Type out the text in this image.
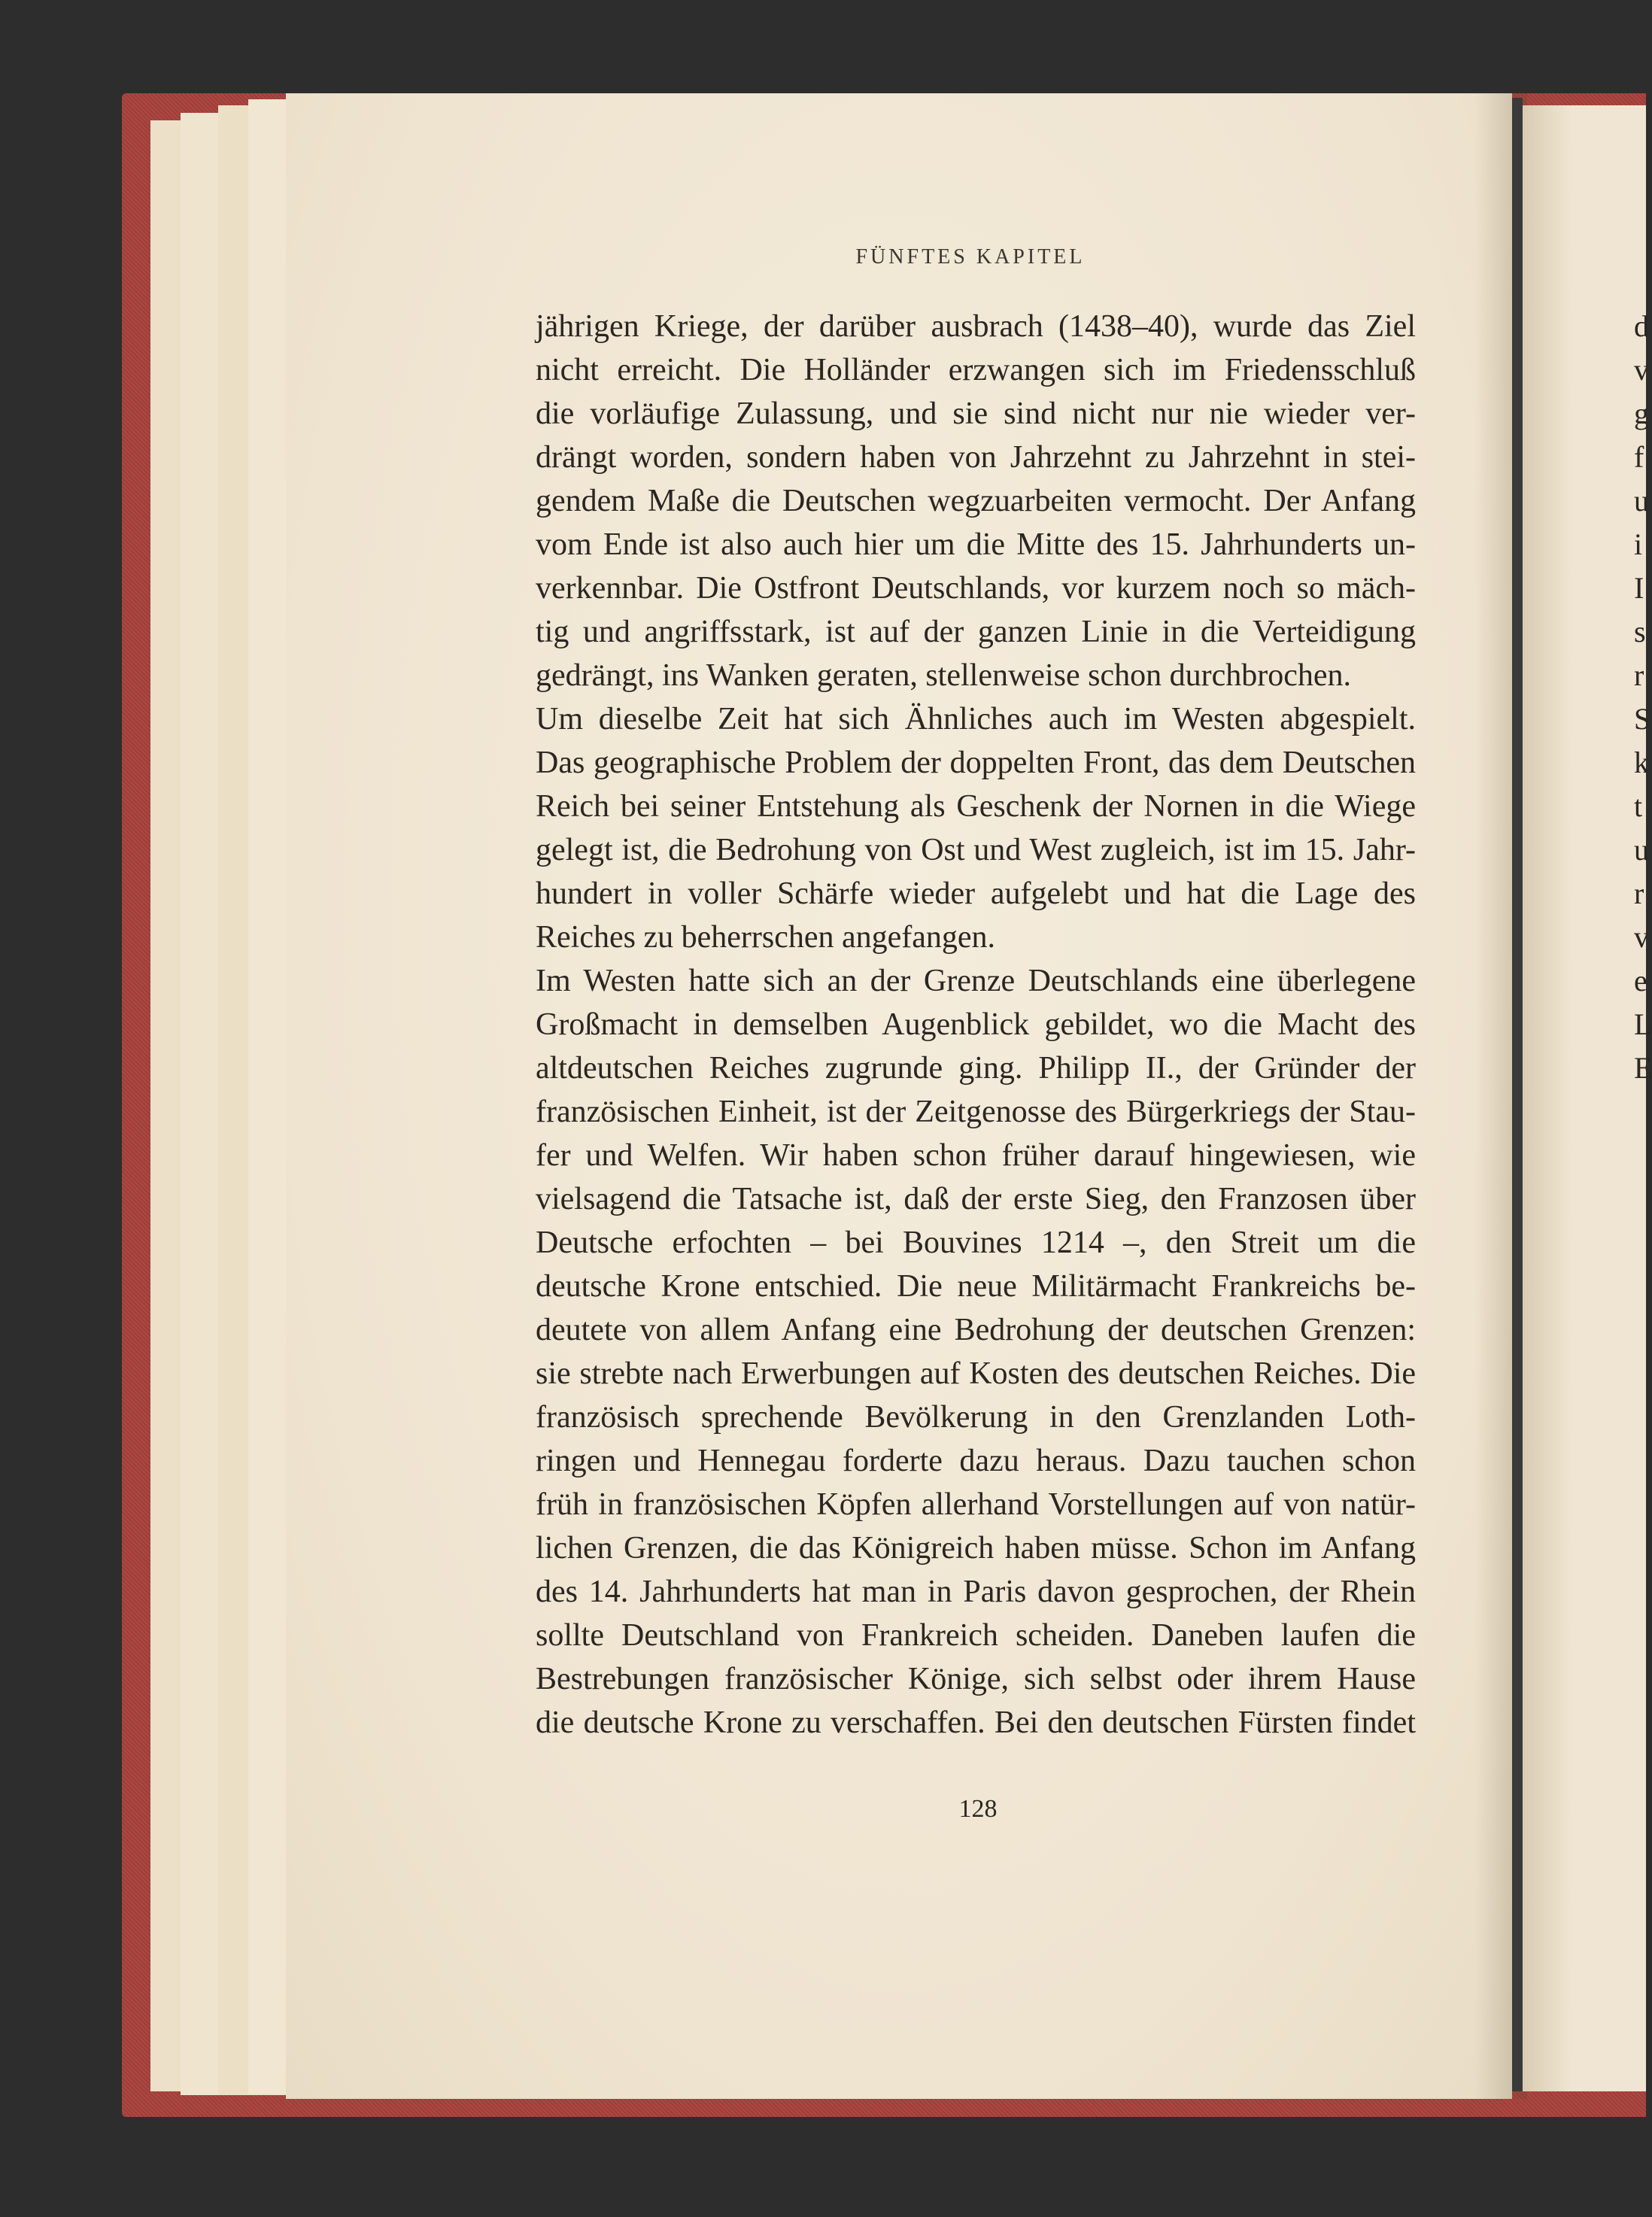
FÜNFTES KAPITEL
jährigen Kriege, der darüber ausbrach (1438–40), wurde das Ziel
nicht erreicht. Die Holländer erzwangen sich im Friedensschluß
die vorläufige Zulassung, und sie sind nicht nur nie wieder ver-
drängt worden, sondern haben von Jahrzehnt zu Jahrzehnt in stei-
gendem Maße die Deutschen wegzuarbeiten vermocht. Der Anfang
vom Ende ist also auch hier um die Mitte des 15. Jahrhunderts un-
verkennbar. Die Ostfront Deutschlands, vor kurzem noch so mäch-
tig und angriffsstark, ist auf der ganzen Linie in die Verteidigung
gedrängt, ins Wanken geraten, stellenweise schon durchbrochen.
Um dieselbe Zeit hat sich Ähnliches auch im Westen abgespielt.
Das geographische Problem der doppelten Front, das dem Deutschen
Reich bei seiner Entstehung als Geschenk der Nornen in die Wiege
gelegt ist, die Bedrohung von Ost und West zugleich, ist im 15. Jahr-
hundert in voller Schärfe wieder aufgelebt und hat die Lage des
Reiches zu beherrschen angefangen.
Im Westen hatte sich an der Grenze Deutschlands eine überlegene
Großmacht in demselben Augenblick gebildet, wo die Macht des
altdeutschen Reiches zugrunde ging. Philipp II., der Gründer der
französischen Einheit, ist der Zeitgenosse des Bürgerkriegs der Stau-
fer und Welfen. Wir haben schon früher darauf hingewiesen, wie
vielsagend die Tatsache ist, daß der erste Sieg, den Franzosen über
Deutsche erfochten – bei Bouvines 1214 –, den Streit um die
deutsche Krone entschied. Die neue Militärmacht Frankreichs be-
deutete von allem Anfang eine Bedrohung der deutschen Grenzen:
sie strebte nach Erwerbungen auf Kosten des deutschen Reiches. Die
französisch sprechende Bevölkerung in den Grenzlanden Loth-
ringen und Hennegau forderte dazu heraus. Dazu tauchen schon
früh in französischen Köpfen allerhand Vorstellungen auf von natür-
lichen Grenzen, die das Königreich haben müsse. Schon im Anfang
des 14. Jahrhunderts hat man in Paris davon gesprochen, der Rhein
sollte Deutschland von Frankreich scheiden. Daneben laufen die
Bestrebungen französischer Könige, sich selbst oder ihrem Hause
die deutsche Krone zu verschaffen. Bei den deutschen Fürsten findet
128
d
v
g
f
u
i
I
s
r
S
k
t
u
r
v
e
L
E
